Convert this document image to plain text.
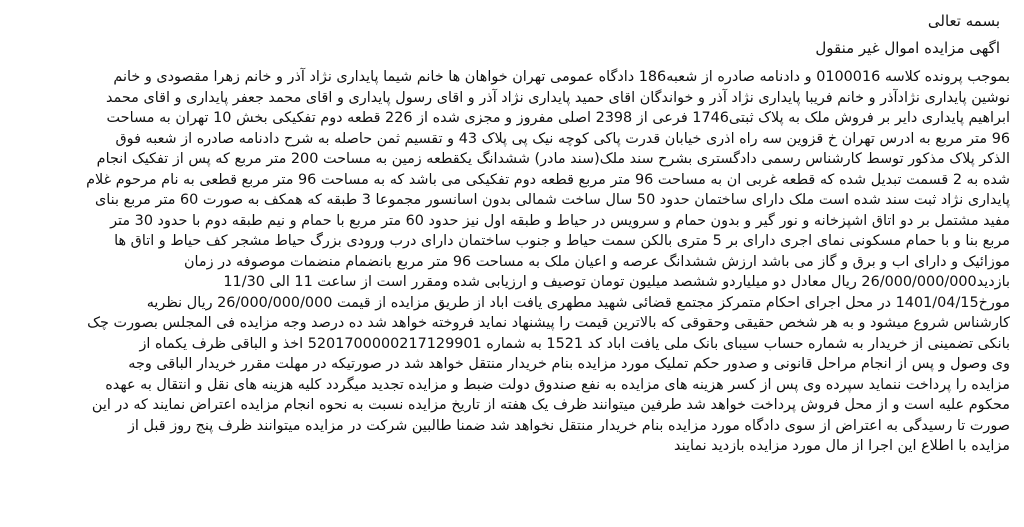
بسمه تعالی
اگهی مزایده اموال غیر منقول
بموجب پرونده کلاسه 0100016 و دادنامه صادره از شعبه186 دادگاه عمومی تهران خواهان ها خانم شیما پایداری نژاد آذر و خانم زهرا مقصودی و خانم
نوشین پایداری نژادآذر و خانم فریبا پایداری نژاد آذر و خواندگان اقای حمید پایداری نژاد آذر و اقای رسول پایداری و اقای محمد جعفر پایداری و اقای محمد
ابراهیم پایداری دایر بر فروش ملک به پلاک ثبتی1746 فرعی از 2398 اصلی مفروز و مجزی شده از 226 قطعه دوم تفکیکی بخش 10 تهران به مساحت
96 متر مربع به ادرس تهران خ قزوین سه راه اذری خیابان قدرت پاکی کوچه نیک پی پلاک 43 و تقسیم ثمن حاصله به شرح دادنامه صادره از شعبه فوق
الذکر پلاک مذکور توسط کارشناس رسمی دادگستری بشرح سند ملک(سند مادر) ششدانگ یکقطعه زمین به مساحت 200 متر مربع که پس از تفکیک انجام
شده به 2 قسمت تبدیل شده که قطعه غربی ان به مساحت 96 متر مربع قطعه دوم تفکیکی می باشد که به مساحت 96 متر مربع قطعی به نام مرحوم غلام
پایداری نژاد ثبت سند شده است ملک دارای ساختمان حدود 50 سال ساخت شمالی بدون اسانسور مجموعا 3 طبقه که همکف به صورت 60 متر مربع بنای
مفید مشتمل بر دو اتاق اشپزخانه و نور گیر و بدون حمام و سرویس در حیاط و طبقه اول نیز حدود 60 متر مربع با حمام و نیم طبقه دوم با حدود 30 متر
مربع بنا و با حمام مسکونی نمای اجری دارای بر 5 متری بالکن سمت حیاط و جنوب ساختمان دارای درب ورودی بزرگ حیاط مشجر کف حیاط و اتاق ها
موزائیک و دارای اب و برق و گاز می باشد ارزش ششدانگ عرصه و اعیان ملک به مساحت 96 متر مربع بانضمام منضمات موصوفه در زمان
بازدید26/000/000/000 ریال معادل دو میلیاردو ششصد میلیون تومان توصیف و ارزیابی شده ومقرر است از ساعت 11 الی 11/30
مورخ1401/04/15 در محل اجرای احکام متمرکز مجتمع قضائی شهید مطهری یافت اباد از طریق مزایده از قیمت 26/000/000/000 ریال نظریه
کارشناس شروع میشود و به هر شخص حقیقی وحقوقی که بالاترین قیمت را پیشنهاد نماید فروخته خواهد شد ده درصد وجه مزایده فی المجلس بصورت چک
بانکی تضمینی از خریدار به شماره حساب سیبای بانک ملی یافت اباد کد 1521 به شماره 5201700000217129901 اخذ و الباقی ظرف یکماه از
وی وصول و پس از انجام مراحل قانونی و صدور حکم تملیک مورد مزایده بنام خریدار منتقل خواهد شد در صورتیکه در مهلت مقرر خریدار الباقی وجه
مزایده را پرداخت ننماید سپرده وی پس از کسر هزینه های مزایده به نفع صندوق دولت ضبط و مزایده تجدید میگردد کلیه هزینه های نقل و انتقال به عهده
محکوم علیه است و از محل فروش پرداخت خواهد شد طرفین میتوانند ظرف یک هفته از تاریخ مزایده نسبت به نحوه انجام مزایده اعتراض نمایند که در این
صورت تا رسیدگی به اعتراض از سوی دادگاه مورد مزایده بنام خریدار منتقل نخواهد شد ضمنا طالبین شرکت در مزایده میتوانند ظرف پنج روز قبل از
مزایده با اطلاع این اجرا از مال مورد مزایده بازدید نمایند
